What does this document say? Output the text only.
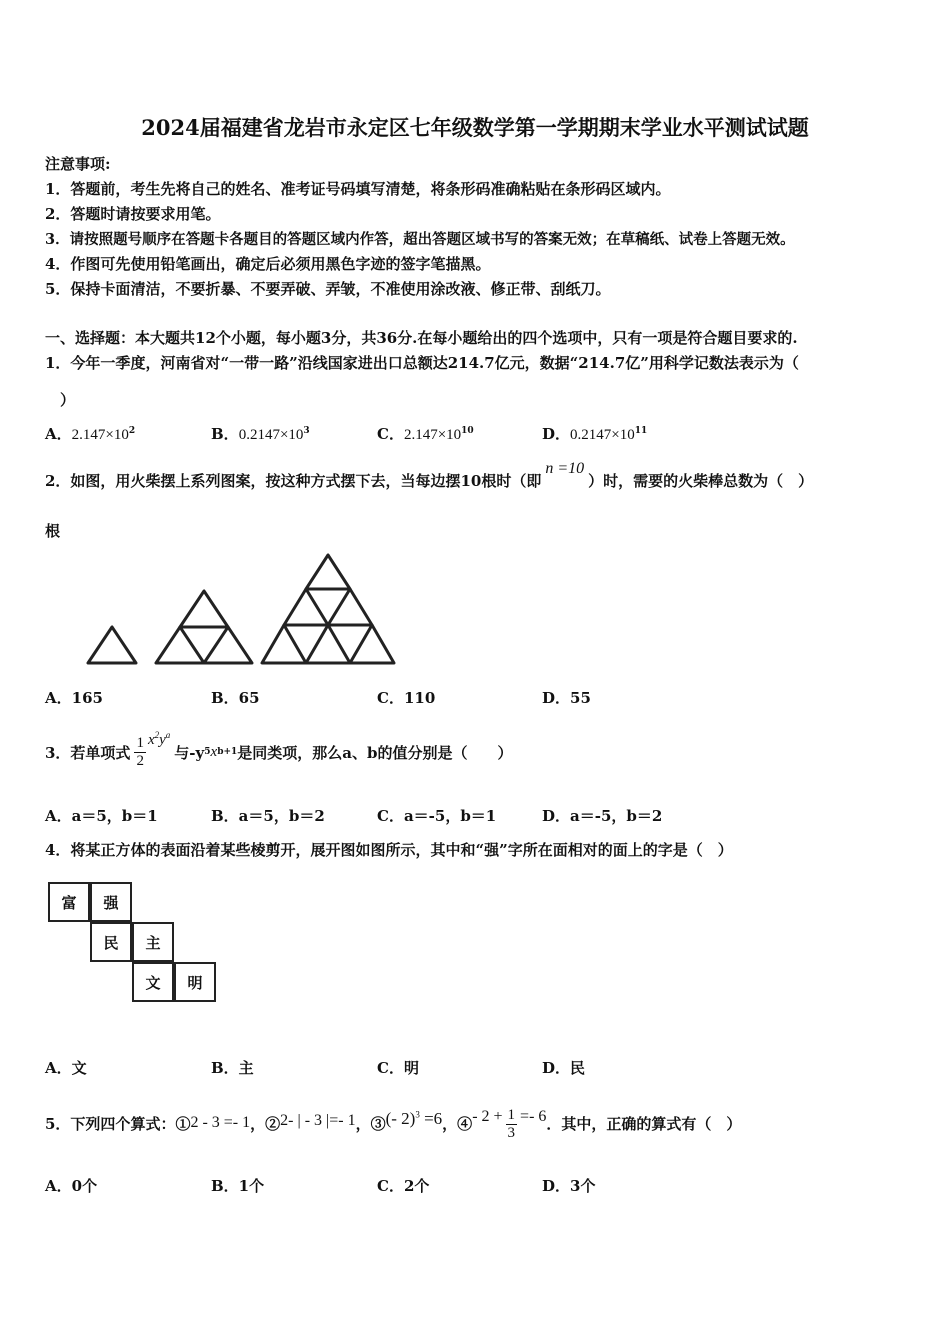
2024届福建省龙岩市永定区七年级数学第一学期期末学业水平测试试题
注意事项:
1．答题前，考生先将自己的姓名、准考证号码填写清楚，将条形码准确粘贴在条形码区域内。
2．答题时请按要求用笔。
3．请按照题号顺序在答题卡各题目的答题区域内作答，超出答题区域书写的答案无效；在草稿纸、试卷上答题无效。
4．作图可先使用铅笔画出，确定后必须用黑色字迹的签字笔描黑。
5．保持卡面清洁，不要折暴、不要弄破、弄皱，不准使用涂改液、修正带、刮纸刀。
一、选择题：本大题共12个小题，每小题3分，共36分.在每小题给出的四个选项中，只有一项是符合题目要求的.
1．今年一季度，河南省对“一带一路”沿线国家进出口总额达214.7亿元，数据“214.7亿”用科学记数法表示为（
）
A．$2.147\times 10^2$	B．$0.2147\times 10^3$	C．$2.147\times 10^{10}$	D．$0.2147\times 10^{11}$
2．如图，用火柴摆上系列图案，按这种方式摆下去，当每边摆10根时（即n =10）时，需要的火柴棒总数为（　）
根
A．165	B．65	C．110	D．55
3．若单项式 $\frac{1}{2} x^2y^a$
与-y 5 x b+1 是同类项，那么a、b的值分别是（　　）
A．a＝5，b＝1	B．a＝5，b＝2	C．a＝-5，b＝1	D．a＝-5，b＝2
4．将某正方体的表面沿着某些棱剪开，展开图如图所示，其中和“强”字所在面相对的面上的字是（　）
富	强
民	主
文	明
A．文	B．主	C．明	D．民
5．下列四个算式：① 2 - 3 =- 1 ，② 2- | - 3 |=- 1 ，③ (- 2)$^3$ =6 ，④ - $2 + \frac{1}{3} =- 6$ ．其中，正确的算式有（　）
A．0个	B．1个	C．2个	D．3个
